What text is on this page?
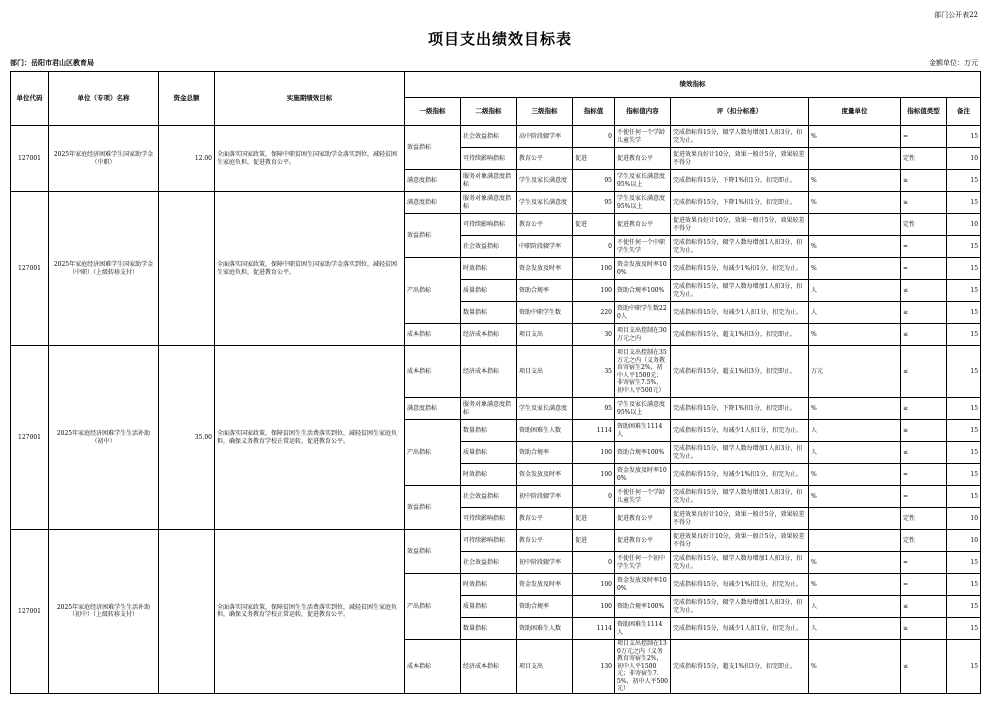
部门公开表22
项目支出绩效目标表
部门：岳阳市君山区教育局	金额单位：万元
单位代码	单位（专项）名称	资金总额	实施期绩效目标	绩效指标								
				一级指标	二级指标	三级指标	指标值	指标值内容	评（扣分标准）	度量单位	指标值类型	备注
127001	2025年家庭经济困难学生国家助学金（中职）	12.00	全面落实国家政策，保障中职贫困生国家助学金落实到位，减轻贫困生家庭负担，促进教育公平。	效益指标	社会效益指标	高中阶段辍学率	0	不使任何一个学龄儿童失学	完成指标得15分，辍学人数每增加1人扣3分，扣完为止。	%	=	15
					可持续影响指标	教育公平	促进	促进教育公平	促进效果良好计10分，效果一般计5分，效果较差不得分		定性	10
				满意度指标	服务对象满意度指标	学生及家长满意度	95	学生及家长满意度95%以上	完成指标得15分，下降1%扣1分，扣完即止。	%	≥	15
127001	2025年家庭经济困难学生国家助学金（中职）（上级转移支付）		全面落实国家政策，保障中职贫困生国家助学金落实到位，减轻贫困生家庭负担，促进教育公平。	满意度指标	服务对象满意度指标	学生及家长满意度	95	学生及家长满意度95%以上	完成指标得15分，下降1%扣1分，扣完即止。	%	≥	15
				效益指标	可持续影响指标	教育公平	促进	促进教育公平	促进效果良好计10分，效果一般计5分，效果较差不得分		定性	10
					社会效益指标	中职阶段辍学率	0	不使任何一个中职学生失学	完成指标得15分，辍学人数每增加1人扣3分，扣完为止。	%	=	15
				产出指标	时效指标	资金发放及时率	100	资金发放及时率100%	完成指标得15分，每减少1%扣1分，扣完为止。	%	=	15
					质量指标	资助合规率	100	资助合规率100%	完成指标得15分，辍学人数每增加1人扣3分，扣完为止。	人	≤	15
					数量指标	资助中职学生数	220	资助中职学生数220人	完成指标得15分，每减少1人扣1分，扣完为止。	人	≥	15
				成本指标	经济成本指标	项目支出	30	项目支出控制在30万元之内	完成指标得15分，超支1%扣3分，扣完即止。	%	≤	15
127001	2025年家庭经济困难学生生活补助（初中）	35.00	全面落实国家政策，保障贫困生生活费落实到位，减轻贫困生家庭负担，确保义务教育学校正常运转，促进教育公平。	成本指标	经济成本指标	项目支出	35	项目支出控制在35万元之内（义务教育寄宿生2%，初中人平1500元；非寄宿生7.5%，初中人平500元）	完成指标得15分，超支1%扣3分，扣完即止。	万元	≤	15
				满意度指标	服务对象满意度指标	学生及家长满意度	95	学生及家长满意度95%以上	完成指标得15分，下降1%扣1分，扣完即止。	%	≥	15
				产出指标	数量指标	资助困难生人数	1114	资助困难生1114人	完成指标得15分，每减少1人扣1分，扣完为止。	人	≥	15
					质量指标	资助合规率	100	资助合规率100%	完成指标得15分，辍学人数每增加1人扣3分，扣完为止。	人	≤	15
					时效指标	资金发放及时率	100	资金发放及时率100%	完成指标得15分，每减少1%扣1分，扣完为止。	%	=	15
				效益指标	社会效益指标	初中阶段辍学率	0	不使任何一个学龄儿童失学	完成指标得15分，辍学人数每增加1人扣3分，扣完为止。	%	=	15
					可持续影响指标	教育公平	促进	促进教育公平	促进效果良好计10分，效果一般计5分，效果较差不得分		定性	10
127001	2025年家庭经济困难学生生活补助（初中）（上级转移支付）		全面落实国家政策，保障贫困生生活费落实到位，减轻贫困生家庭负担，确保义务教育学校正常运转，促进教育公平。	效益指标	可持续影响指标	教育公平	促进	促进教育公平	促进效果良好计10分，效果一般计5分，效果较差不得分		定性	10
					社会效益指标	初中阶段辍学率	0	不使任何一个初中学生失学	完成指标得15分，辍学人数每增加1人扣3分，扣完为止。	%	=	15
				产出指标	时效指标	资金发放及时率	100	资金发放及时率100%	完成指标得15分，每减少1%扣1分，扣完为止。	%	=	15
					质量指标	资助合规率	100	资助合规率100%	完成指标得15分，辍学人数每增加1人扣3分，扣完为止。	人	≤	15
					数量指标	资助困难生人数	1114	资助困难生1114人	完成指标得15分，每减少1人扣1分，扣完为止。	人	≥	15
				成本指标	经济成本指标	项目支出	130	项目支出控制在130万元之内（义务教育寄宿生2%，初中人平1500元；非寄宿生7.5%，初中人平500元）	完成指标得15分，超支1%扣3分，扣完即止。	%	≤	15
